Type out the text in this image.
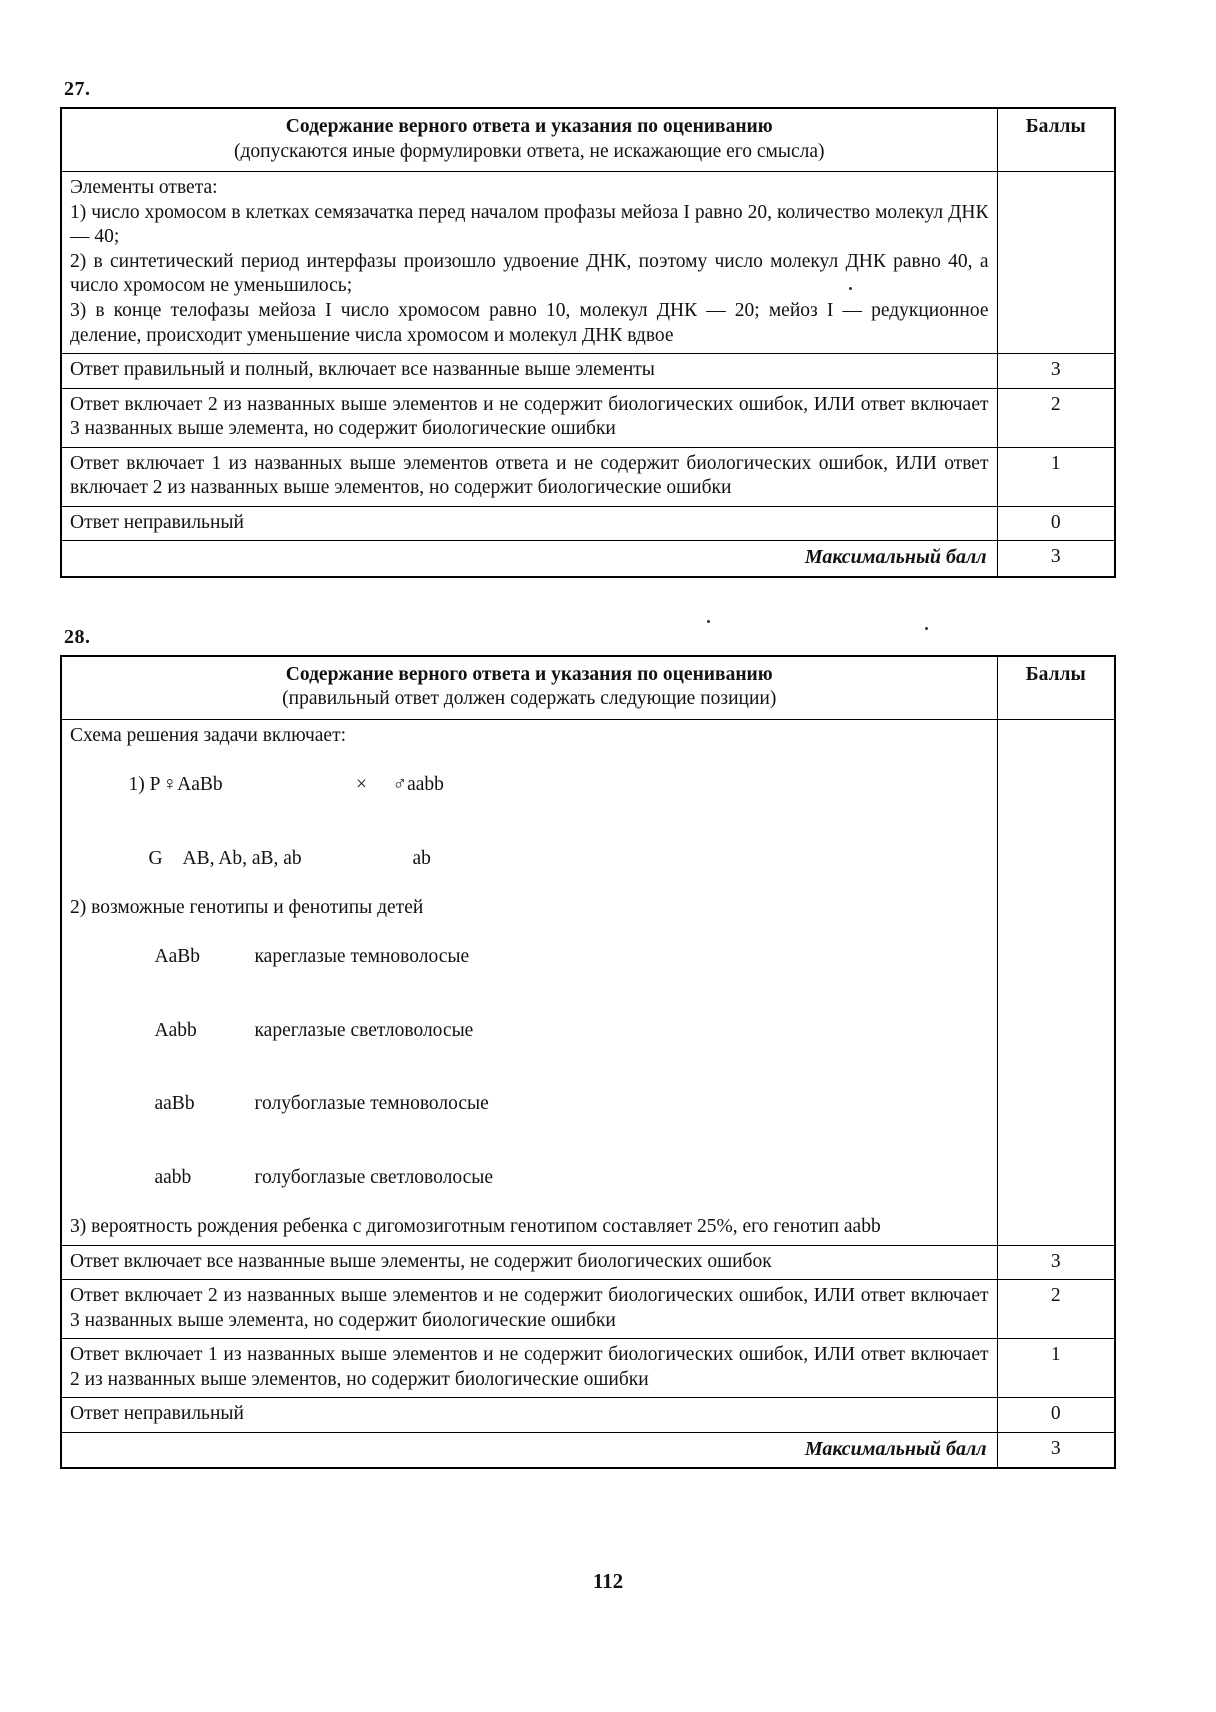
27.
Содержание верного ответа и указания по оцениванию
(допускаются иные формулировки ответа, не искажающие его смысла)	Баллы

Элементы ответа:

1) число хромосом в клетках семязачатка перед началом профазы мейоза I равно 20, количество молекул ДНК — 40;

2) в синтетический период интерфазы произошло удвоение ДНК, поэтому число молекул ДНК равно 40, а число хромосом не уменьшилось;

3) в конце телофазы мейоза I число хромосом равно 10, молекул ДНК — 20; мейоз I — редукционное деление, происходит уменьшение числа хромосом и молекул ДНК вдвое	

Ответ правильный и полный, включает все названные выше элементы	3
Ответ включает 2 из названных выше элементов и не содержит биологических ошибок, ИЛИ ответ включает 3 названных выше элемента, но содержит биологические ошибки	2
Ответ включает 1 из названных выше элементов ответа и не содержит биологических ошибок, ИЛИ ответ включает 2 из названных выше элементов, но содержит биологические ошибки	1
Ответ неправильный	0
Максимальный балл	3
28.
Содержание верного ответа и указания по оцениванию
(правильный ответ должен содержать следующие позиции)	Баллы

Схема решения задачи включает:

1) P ♀AaBb	× ♂aabb

G AB, Ab, aB, ab	ab

2) возможные генотипы и фенотипы детей

AaBb	кареглазые темноволосые

Aabb	кареглазые светловолосые

aaBb	голубоглазые темноволосые

aabb	голубоглазые светловолосые

3) вероятность рождения ребенка с дигомозиготным генотипом составляет 25%, его генотип aabb

Ответ включает все названные выше элементы, не содержит биологических ошибок	3
Ответ включает 2 из названных выше элементов и не содержит биологических ошибок, ИЛИ ответ включает 3 названных выше элемента, но содержит биологические ошибки	2
Ответ включает 1 из названных выше элементов и не содержит биологических ошибок, ИЛИ ответ включает 2 из названных выше элементов, но содержит биологические ошибки	1
Ответ неправильный	0
Максимальный балл	3
112
